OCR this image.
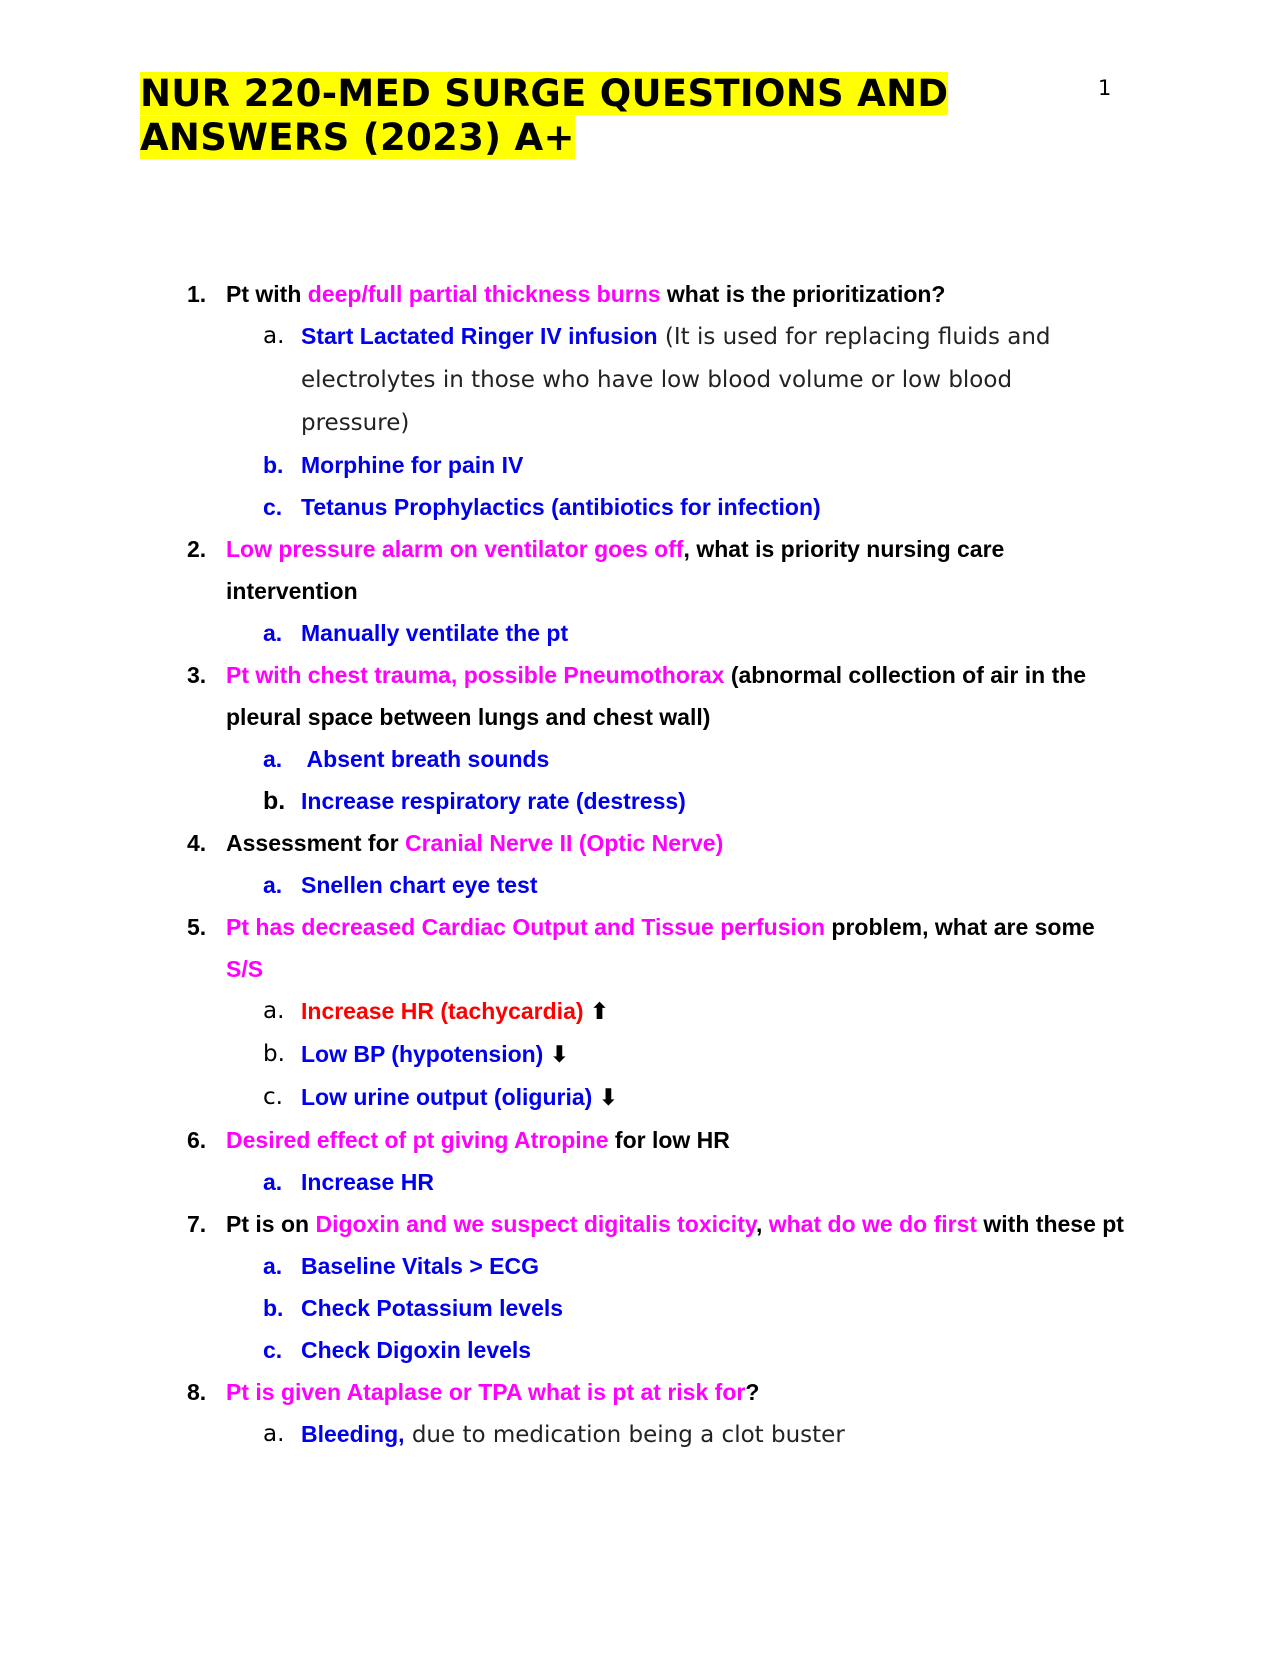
1
NUR 220-MED SURGE QUESTIONS AND ANSWERS (2023) A+
1. Pt with deep/full partial thickness burns what is the prioritization?
a. Start Lactated Ringer IV infusion (It is used for replacing fluids and electrolytes in those who have low blood volume or low blood pressure)
b. Morphine for pain IV
c. Tetanus Prophylactics (antibiotics for infection)
2. Low pressure alarm on ventilator goes off, what is priority nursing care intervention
a. Manually ventilate the pt
3. Pt with chest trauma, possible Pneumothorax (abnormal collection of air in the pleural space between lungs and chest wall)
a. Absent breath sounds
b. Increase respiratory rate (destress)
4. Assessment for Cranial Nerve II (Optic Nerve)
a. Snellen chart eye test
5. Pt has decreased Cardiac Output and Tissue perfusion problem, what are some S/S
a. Increase HR (tachycardia) ⬆
b. Low BP (hypotension) ⬇
c. Low urine output (oliguria) ⬇
6. Desired effect of pt giving Atropine for low HR
a. Increase HR
7. Pt is on Digoxin and we suspect digitalis toxicity, what do we do first with these pt
a. Baseline Vitals > ECG
b. Check Potassium levels
c. Check Digoxin levels
8. Pt is given Ataplase or TPA what is pt at risk for?
a. Bleeding, due to medication being a clot buster
